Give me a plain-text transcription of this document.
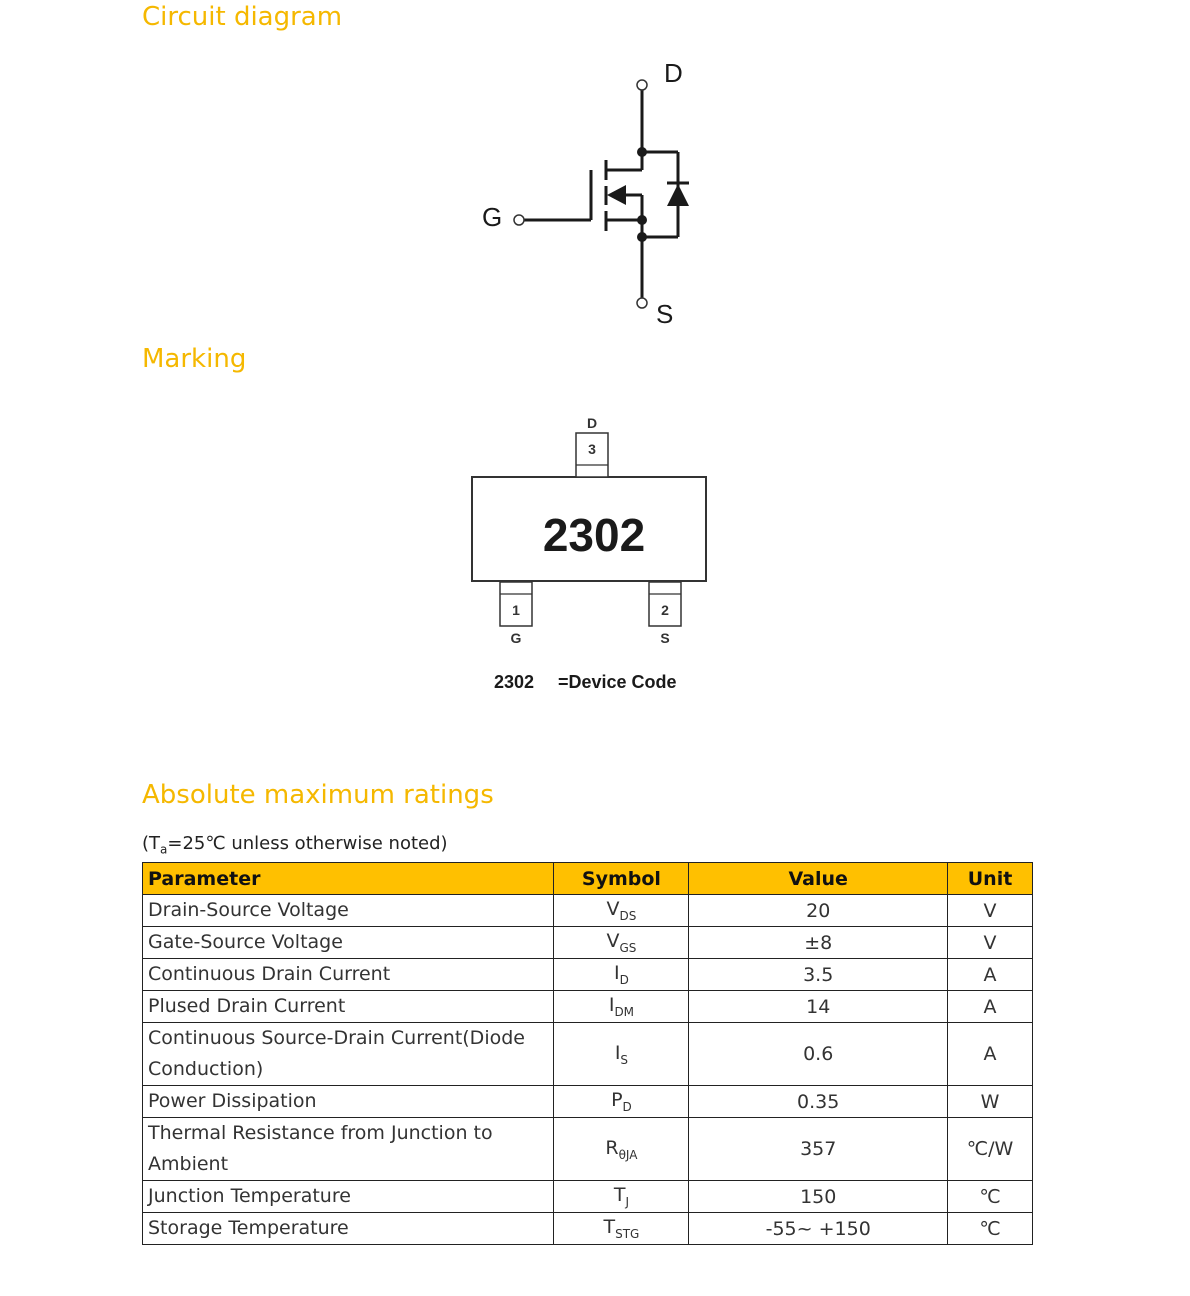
Circuit diagram
D
G
S
Marking
D
3
2302
1
G
2
S
2302 =Device Code
Absolute maximum ratings
($T_a=25℃$ unless otherwise noted)
Parameter	Symbol	Value	Unit
Drain-Source Voltage	$V_{DS}$	20	V
Gate-Source Voltage	$V_{GS}$	±8	V
Continuous Drain Current	$I_D$	3.5	A
Plused Drain Current	$I_{DM}$	14	A
Continuous Source-Drain Current(Diode Conduction)	$I_S$	0.6	A
Power Dissipation	$P_D$	0.35	W
Thermal Resistance from Junction to Ambient	$R_{\theta JA}$	357	℃/W
Junction Temperature	$T_J$	150	℃
Storage Temperature	$T_{STG}$	-55~ +150	℃
